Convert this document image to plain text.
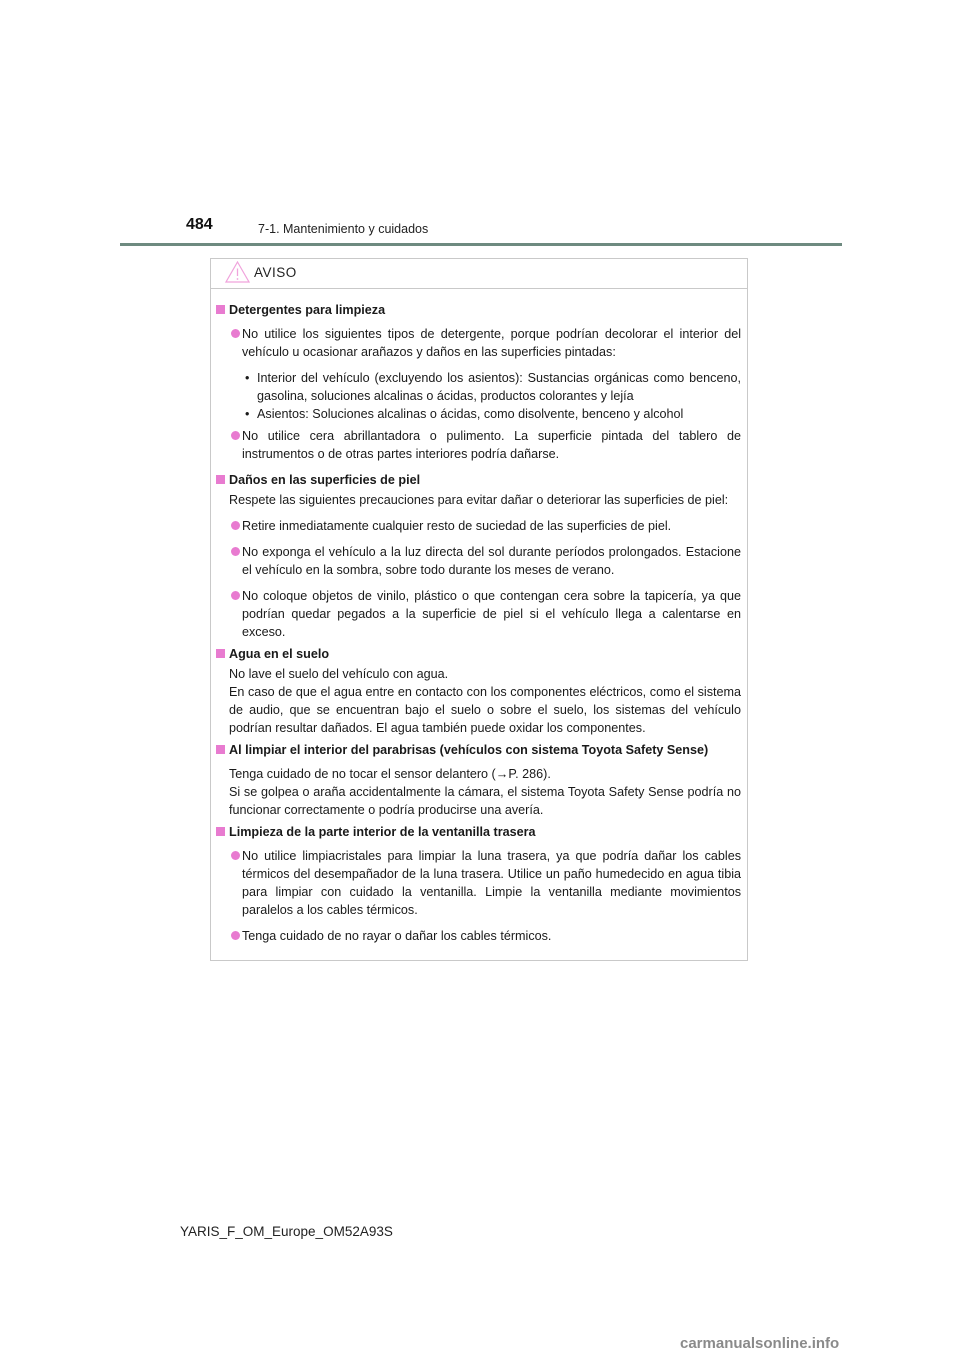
484	7-1. Mantenimiento y cuidados
AVISO
Detergentes para limpieza
No utilice los siguientes tipos de detergente, porque podrían decolorar el interior del vehículo u ocasionar arañazos y daños en las superficies pintadas:
• Interior del vehículo (excluyendo los asientos): Sustancias orgánicas como benceno, gasolina, soluciones alcalinas o ácidas, productos colorantes y lejía
• Asientos: Soluciones alcalinas o ácidas, como disolvente, benceno y alcohol
No utilice cera abrillantadora o pulimento. La superficie pintada del tablero de instrumentos o de otras partes interiores podría dañarse.
Daños en las superficies de piel
Respete las siguientes precauciones para evitar dañar o deteriorar las superficies de piel:
Retire inmediatamente cualquier resto de suciedad de las superficies de piel.
No exponga el vehículo a la luz directa del sol durante períodos prolongados. Estacione el vehículo en la sombra, sobre todo durante los meses de verano.
No coloque objetos de vinilo, plástico o que contengan cera sobre la tapicería, ya que podrían quedar pegados a la superficie de piel si el vehículo llega a calentarse en exceso.
Agua en el suelo
No lave el suelo del vehículo con agua.
En caso de que el agua entre en contacto con los componentes eléctricos, como el sistema de audio, que se encuentran bajo el suelo o sobre el suelo, los sistemas del vehículo podrían resultar dañados. El agua también puede oxidar los componentes.
Al limpiar el interior del parabrisas (vehículos con sistema Toyota Safety Sense)
Tenga cuidado de no tocar el sensor delantero (→P. 286).
Si se golpea o araña accidentalmente la cámara, el sistema Toyota Safety Sense podría no funcionar correctamente o podría producirse una avería.
Limpieza de la parte interior de la ventanilla trasera
No utilice limpiacristales para limpiar la luna trasera, ya que podría dañar los cables térmicos del desempañador de la luna trasera. Utilice un paño humedecido en agua tibia para limpiar con cuidado la ventanilla. Limpie la ventanilla mediante movimientos paralelos a los cables térmicos.
Tenga cuidado de no rayar o dañar los cables térmicos.
YARIS_F_OM_Europe_OM52A93S
carmanualsonline.info
